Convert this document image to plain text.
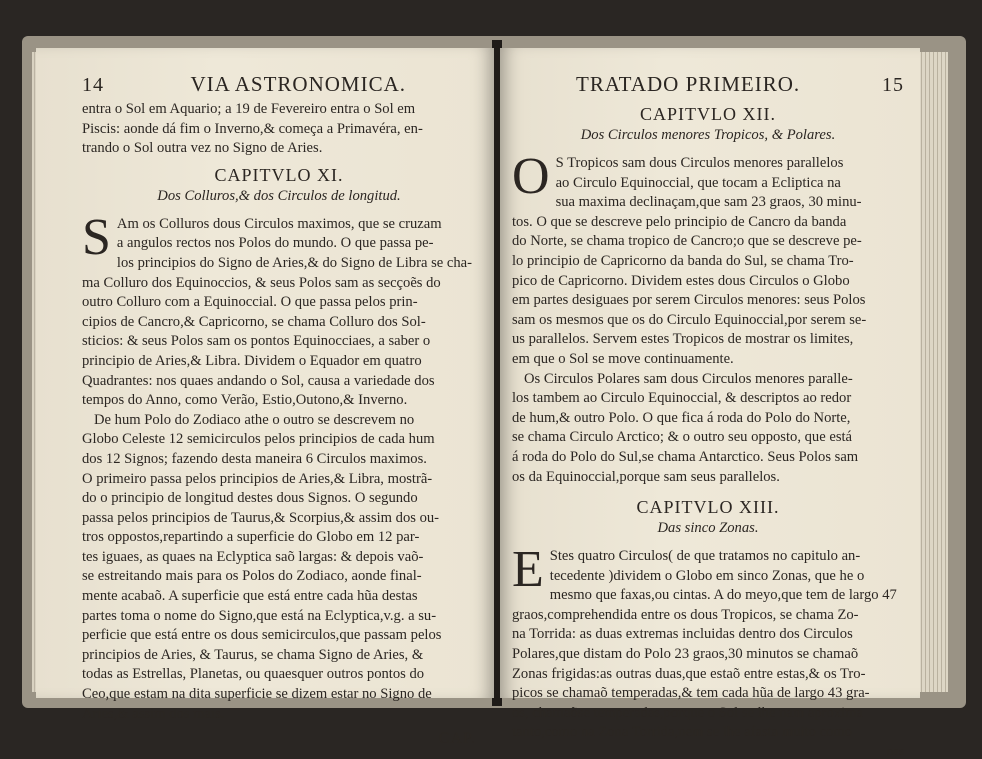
14	VIA ASTRONOMICA.
entra o Sol em Aquario; a 19 de Fevereiro entra o Sol em
Piscis: aonde dá fim o Inverno,& começa a Primavéra, en-
trando o Sol outra vez no Signo de Aries.
CAPITVLO XI.
Dos Colluros,& dos Circulos de longitud.
S Am os Colluros dous Circulos maximos, que se cruzam
a angulos rectos nos Polos do mundo. O que passa pe-
los principios do Signo de Aries,& do Signo de Libra se cha-
ma Colluro dos Equinoccios, & seus Polos sam as secçoẽs do
outro Colluro com a Equinoccial. O que passa pelos prin-
cipios de Cancro,& Capricorno, se chama Colluro dos Sol-
sticios: & seus Polos sam os pontos Equinocciaes, a saber o
principio de Aries,& Libra. Dividem o Equador em quatro
Quadrantes: nos quaes andando o Sol, causa a variedade dos
tempos do Anno, como Verão, Estio,Outono,& Inverno.
De hum Polo do Zodiaco athe o outro se descrevem no
Globo Celeste 12 semicirculos pelos principios de cada hum
dos 12 Signos; fazendo desta maneira 6 Circulos maximos.
O primeiro passa pelos principios de Aries,& Libra, mostrã-
do o principio de longitud destes dous Signos. O segundo
passa pelos principios de Taurus,& Scorpius,& assim dos ou-
tros oppostos,repartindo a superficie do Globo em 12 par-
tes iguaes, as quaes na Eclyptica saõ largas: & depois vaõ-
se estreitando mais para os Polos do Zodiaco, aonde final-
mente acabaõ. A superficie que está entre cada hũa destas
partes toma o nome do Signo,que está na Eclyptica,v.g. a su-
perficie que está entre os dous semicirculos,que passam pelos
principios de Aries, & Taurus, se chama Signo de Aries, &
todas as Estrellas, Planetas, ou quaesquer outros pontos do
Ceo,que estam na dita superficie se dizem estar no Signo de
Aries,& assim dos mais.
CAP.
TRATADO PRIMEIRO.	15
CAPITVLO XII.
Dos Circulos menores Tropicos, & Polares.
O S Tropicos sam dous Circulos menores parallelos
ao Circulo Equinoccial, que tocam a Ecliptica na
sua maxima declinaçam,que sam 23 graos, 30 minu-
tos. O que se descreve pelo principio de Cancro da banda
do Norte, se chama tropico de Cancro;o que se descreve pe-
lo principio de Capricorno da banda do Sul, se chama Tro-
pico de Capricorno. Dividem estes dous Circulos o Globo
em partes desiguaes por serem Circulos menores: seus Polos
sam os mesmos que os do Circulo Equinoccial,por serem se-
us parallelos. Servem estes Tropicos de mostrar os limites,
em que o Sol se move continuamente.
Os Circulos Polares sam dous Circulos menores paralle-
los tambem ao Circulo Equinoccial, & descriptos ao redor
de hum,& outro Polo. O que fica á roda do Polo do Norte,
se chama Circulo Arctico; & o outro seu opposto, que está
á roda do Polo do Sul,se chama Antarctico. Seus Polos sam
os da Equinoccial,porque sam seus parallelos.
CAPITVLO XIII.
Das sinco Zonas.
E Stes quatro Circulos( de que tratamos no capitulo an-
tecedente )dividem o Globo em sinco Zonas, que he o
mesmo que faxas,ou cintas. A do meyo,que tem de largo 47
graos,comprehendida entre os dous Tropicos, se chama Zo-
na Torrida: as duas extremas incluidas dentro dos Circulos
Polares,que distam do Polo 23 graos,30 minutos se chamaõ
Zonas frigidas:as outras duas,que estaõ entre estas,& os Tro-
picos se chamaõ temperadas,& tem cada hũa de largo 43 gra-
os, chamaõse temperadas,porque o Sol se lhe nam aproxima
tanto,como na Zona Torrida,nem se lhe afasta muito como
nas
